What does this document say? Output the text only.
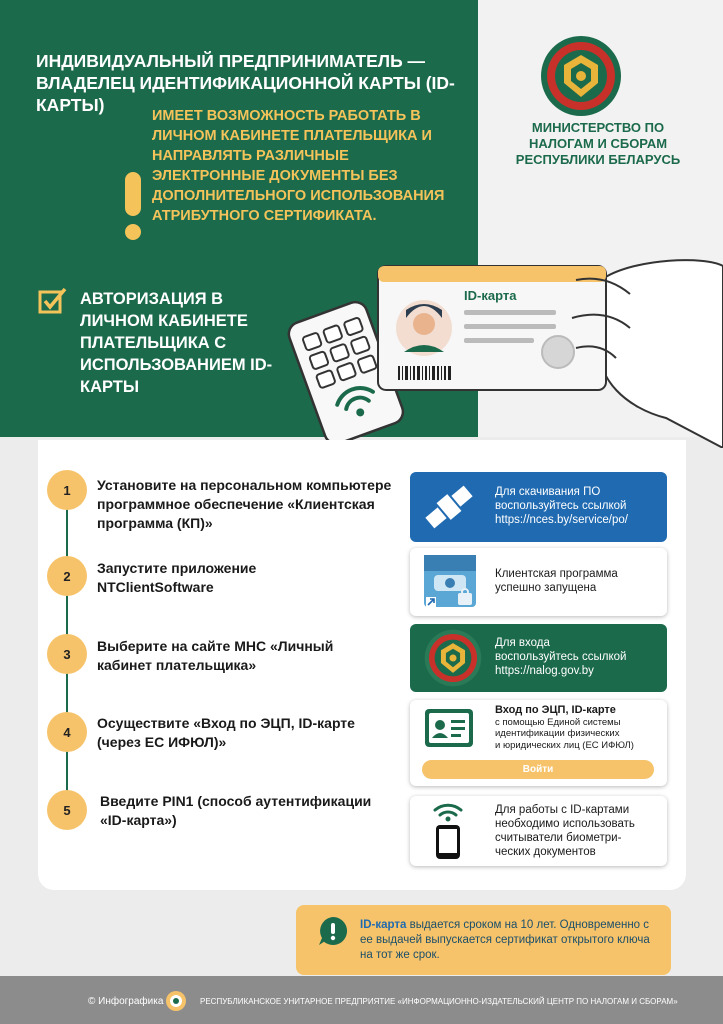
ИНДИВИДУАЛЬНЫЙ ПРЕДПРИНИМАТЕЛЬ — ВЛАДЕЛЕЦ ИДЕНТИФИКАЦИОННОЙ КАРТЫ (ID-КАРТЫ)
ИМЕЕТ ВОЗМОЖНОСТЬ РАБОТАТЬ В ЛИЧНОМ КАБИНЕТЕ ПЛАТЕЛЬЩИКА И НАПРАВЛЯТЬ РАЗЛИЧНЫЕ ЭЛЕКТРОННЫЕ ДОКУМЕНТЫ БЕЗ ДОПОЛНИТЕЛЬНОГО ИСПОЛЬЗОВАНИЯ АТРИБУТНОГО СЕРТИФИКАТА.
МИНИСТЕРСТВО ПО НАЛОГАМ И СБОРАМ РЕСПУБЛИКИ БЕЛАРУСЬ
АВТОРИЗАЦИЯ В ЛИЧНОМ КАБИНЕТЕ ПЛАТЕЛЬЩИКА С ИСПОЛЬЗОВАНИЕМ ID-КАРТЫ
ID-карта
1	Установите на персональном компьютере программное обеспечение «Клиентская программа (КП)»
2	Запустите приложение NTClientSoftware
3	Выберите на сайте МНС «Личный кабинет плательщика»
4
Осуществите «Вход по ЭЦП, ID-карте (через ЕС ИФЮЛ)»
5
Введите PIN1 (способ аутентификации «ID-карта»)
Для скачивания ПО
воспользуйтесь ссылкой
https://nces.by/service/po/
Клиентская программа
успешно запущена
Для входа
воспользуйтесь ссылкой
https://nalog.gov.by
Вход по ЭЦП, ID-карте
с помощью Единой системы
идентификации физических
и юридических лиц (ЕС ИФЮЛ)
Войти
Для работы с ID-картами
необходимо использовать
считыватели биометри-
ческих документов
ID-карта выдается сроком на 10 лет. Одновременно с ее выдачей выпускается сертификат открытого ключа на тот же срок.
© Инфографика	РЕСПУБЛИКАНСКОЕ УНИТАРНОЕ ПРЕДПРИЯТИЕ «ИНФОРМАЦИОННО-ИЗДАТЕЛЬСКИЙ ЦЕНТР ПО НАЛОГАМ И СБОРАМ»
